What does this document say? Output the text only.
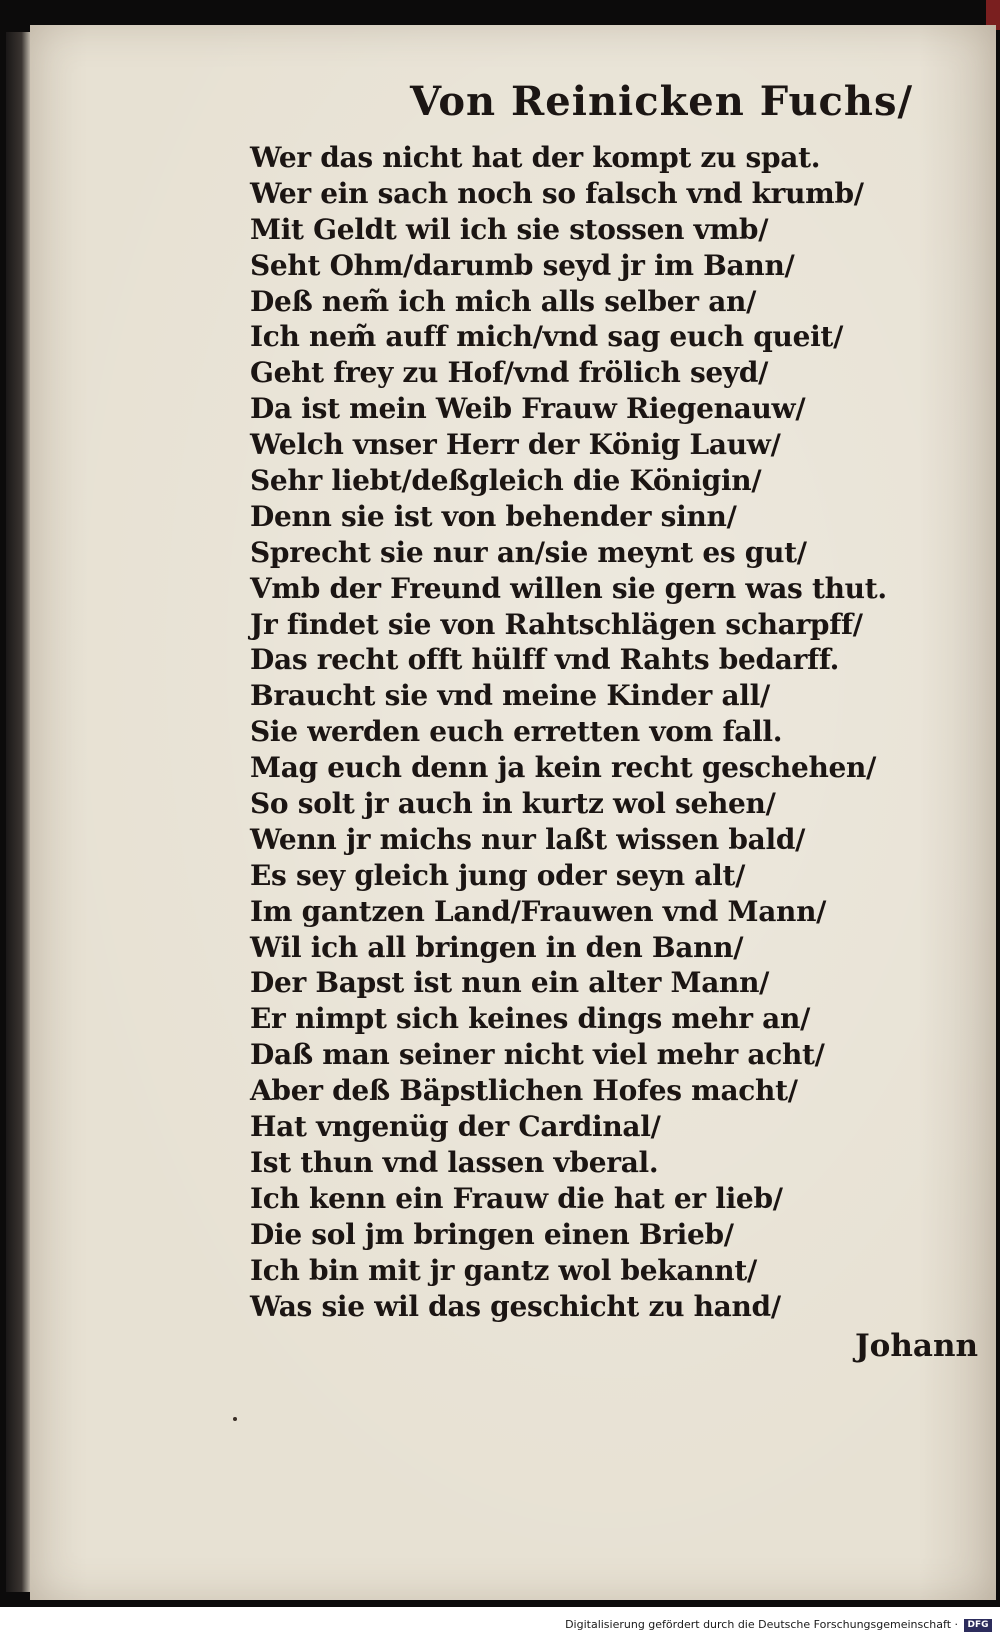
Von Reinicken Fuchs/
Wer das nicht hat der kompt zu spat.
Wer ein sach noch so falsch vnd krumb/
Mit Geldt wil ich sie stossen vmb/
Seht Ohm/darumb seyd jr im Bann/
Deß nem̃ ich mich alls selber an/
Ich nem̃ auff mich/vnd sag euch queit/
Geht frey zu Hof/vnd frölich seyd/
Da ist mein Weib Frauw Riegenauw/
Welch vnser Herr der König Lauw/
Sehr liebt/deßgleich die Königin/
Denn sie ist von behender sinn/
Sprecht sie nur an/sie meynt es gut/
Vmb der Freund willen sie gern was thut.
Jr findet sie von Rahtschlägen scharpff/
Das recht offt hülff vnd Rahts bedarff.
Braucht sie vnd meine Kinder all/
Sie werden euch erretten vom fall.
Mag euch denn ja kein recht geschehen/
So solt jr auch in kurtz wol sehen/
Wenn jr michs nur laßt wissen bald/
Es sey gleich jung oder seyn alt/
Im gantzen Land/Frauwen vnd Mann/
Wil ich all bringen in den Bann/
Der Bapst ist nun ein alter Mann/
Er nimpt sich keines dings mehr an/
Daß man seiner nicht viel mehr acht/
Aber deß Bäpstlichen Hofes macht/
Hat vngenüg der Cardinal/
Ist thun vnd lassen vberal.
Ich kenn ein Frauw die hat er lieb/
Die sol jm bringen einen Brieb/
Ich bin mit jr gantz wol bekannt/
Was sie wil das geschicht zu hand/
Johann
Digitalisierung gefördert durch die Deutsche Forschungsgemeinschaft ·	DFG
